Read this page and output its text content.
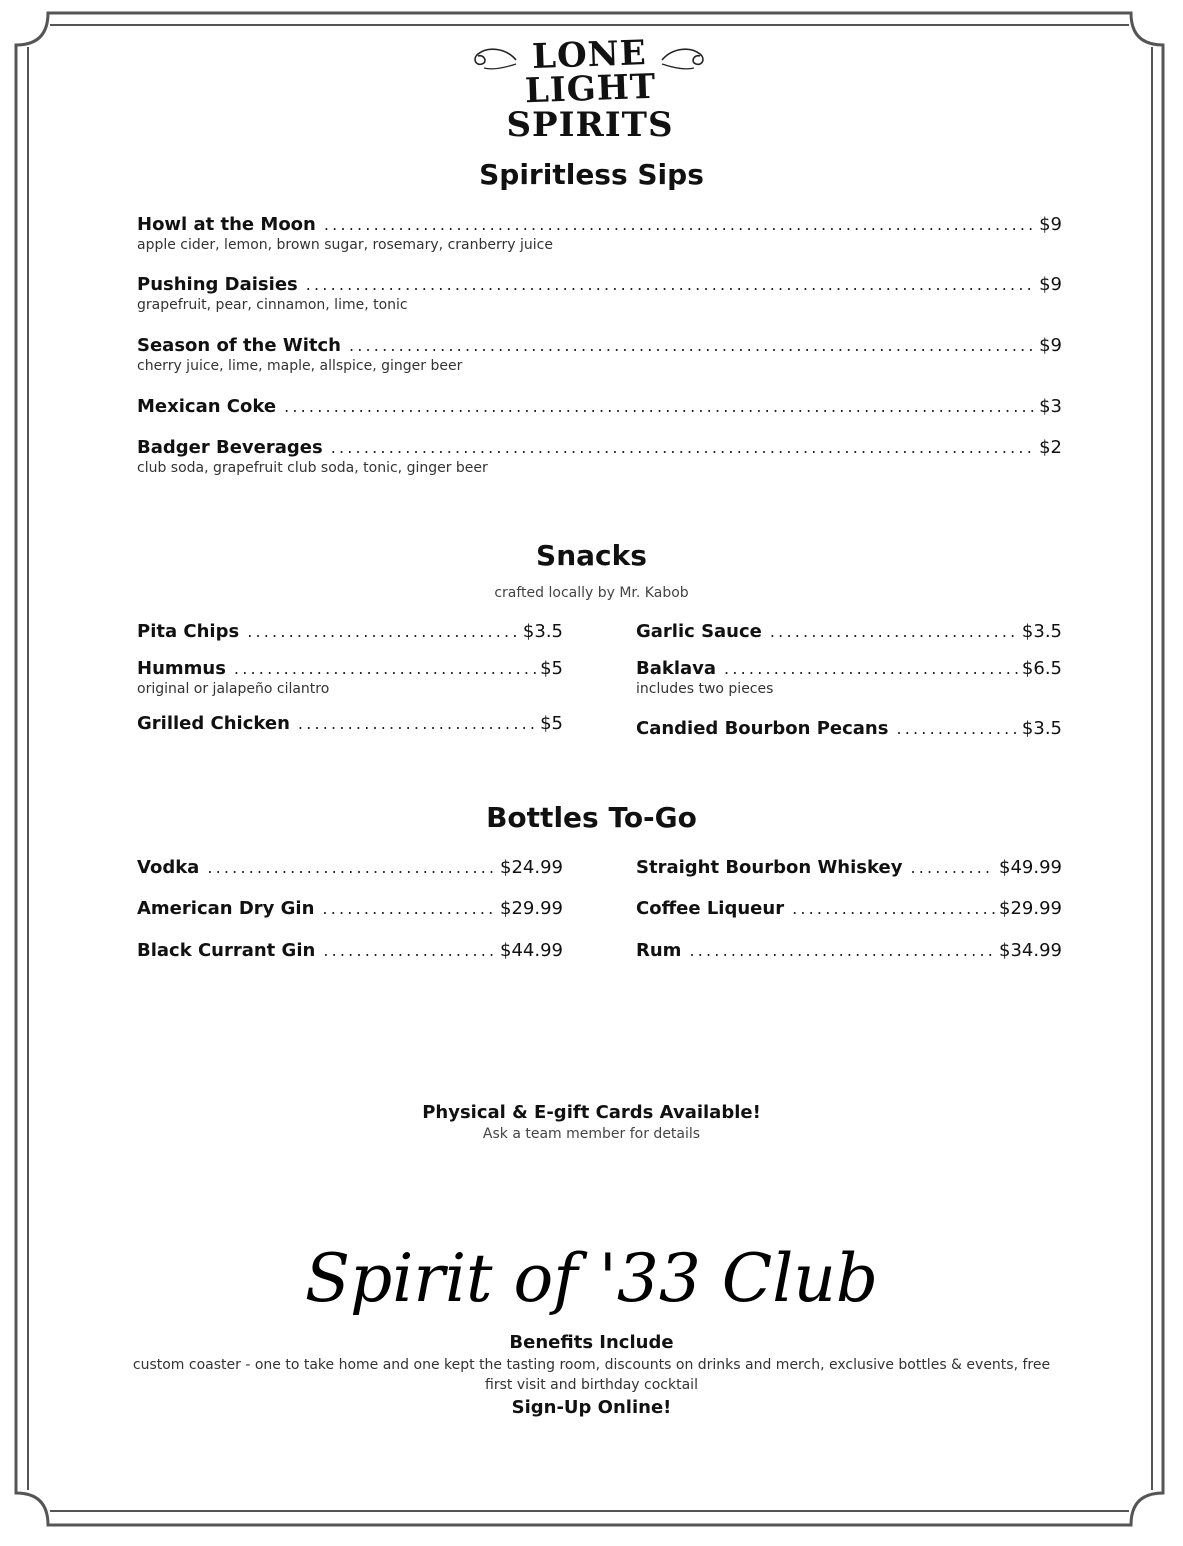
LONE LIGHT
SPIRITS
Spiritless Sips
Howl at the Moon .....	$9
apple cider, lemon, brown sugar, rosemary, cranberry juice
Pushing Daisies .....	$9
grapefruit, pear, cinnamon, lime, tonic
Season of the Witch .....	$9
cherry juice, lime, maple, allspice, ginger beer
Mexican Coke .....	$3
Badger Beverages .....	$2
club soda, grapefruit club soda, tonic, ginger beer
Snacks
crafted locally by Mr. Kabob
Pita Chips .....	$3.5
Hummus .....	$5
original or jalapeño cilantro
Grilled Chicken .....	$5
Garlic Sauce .....	$3.5
Baklava .....	$6.5
includes two pieces
Candied Bourbon Pecans .....	$3.5
Bottles To-Go
Vodka .....	$24.99
American Dry Gin .....	$29.99
Black Currant Gin .....	$44.99
Straight Bourbon Whiskey .....	$49.99
Coffee Liqueur .....	$29.99
Rum .....	$34.99
Physical & E-gift Cards Available!
Ask a team member for details
Spirit of '33 Club
Benefits Include
custom coaster - one to take home and one kept the tasting room, discounts on drinks and merch, exclusive bottles & events, free first visit and birthday cocktail
Sign-Up Online!
